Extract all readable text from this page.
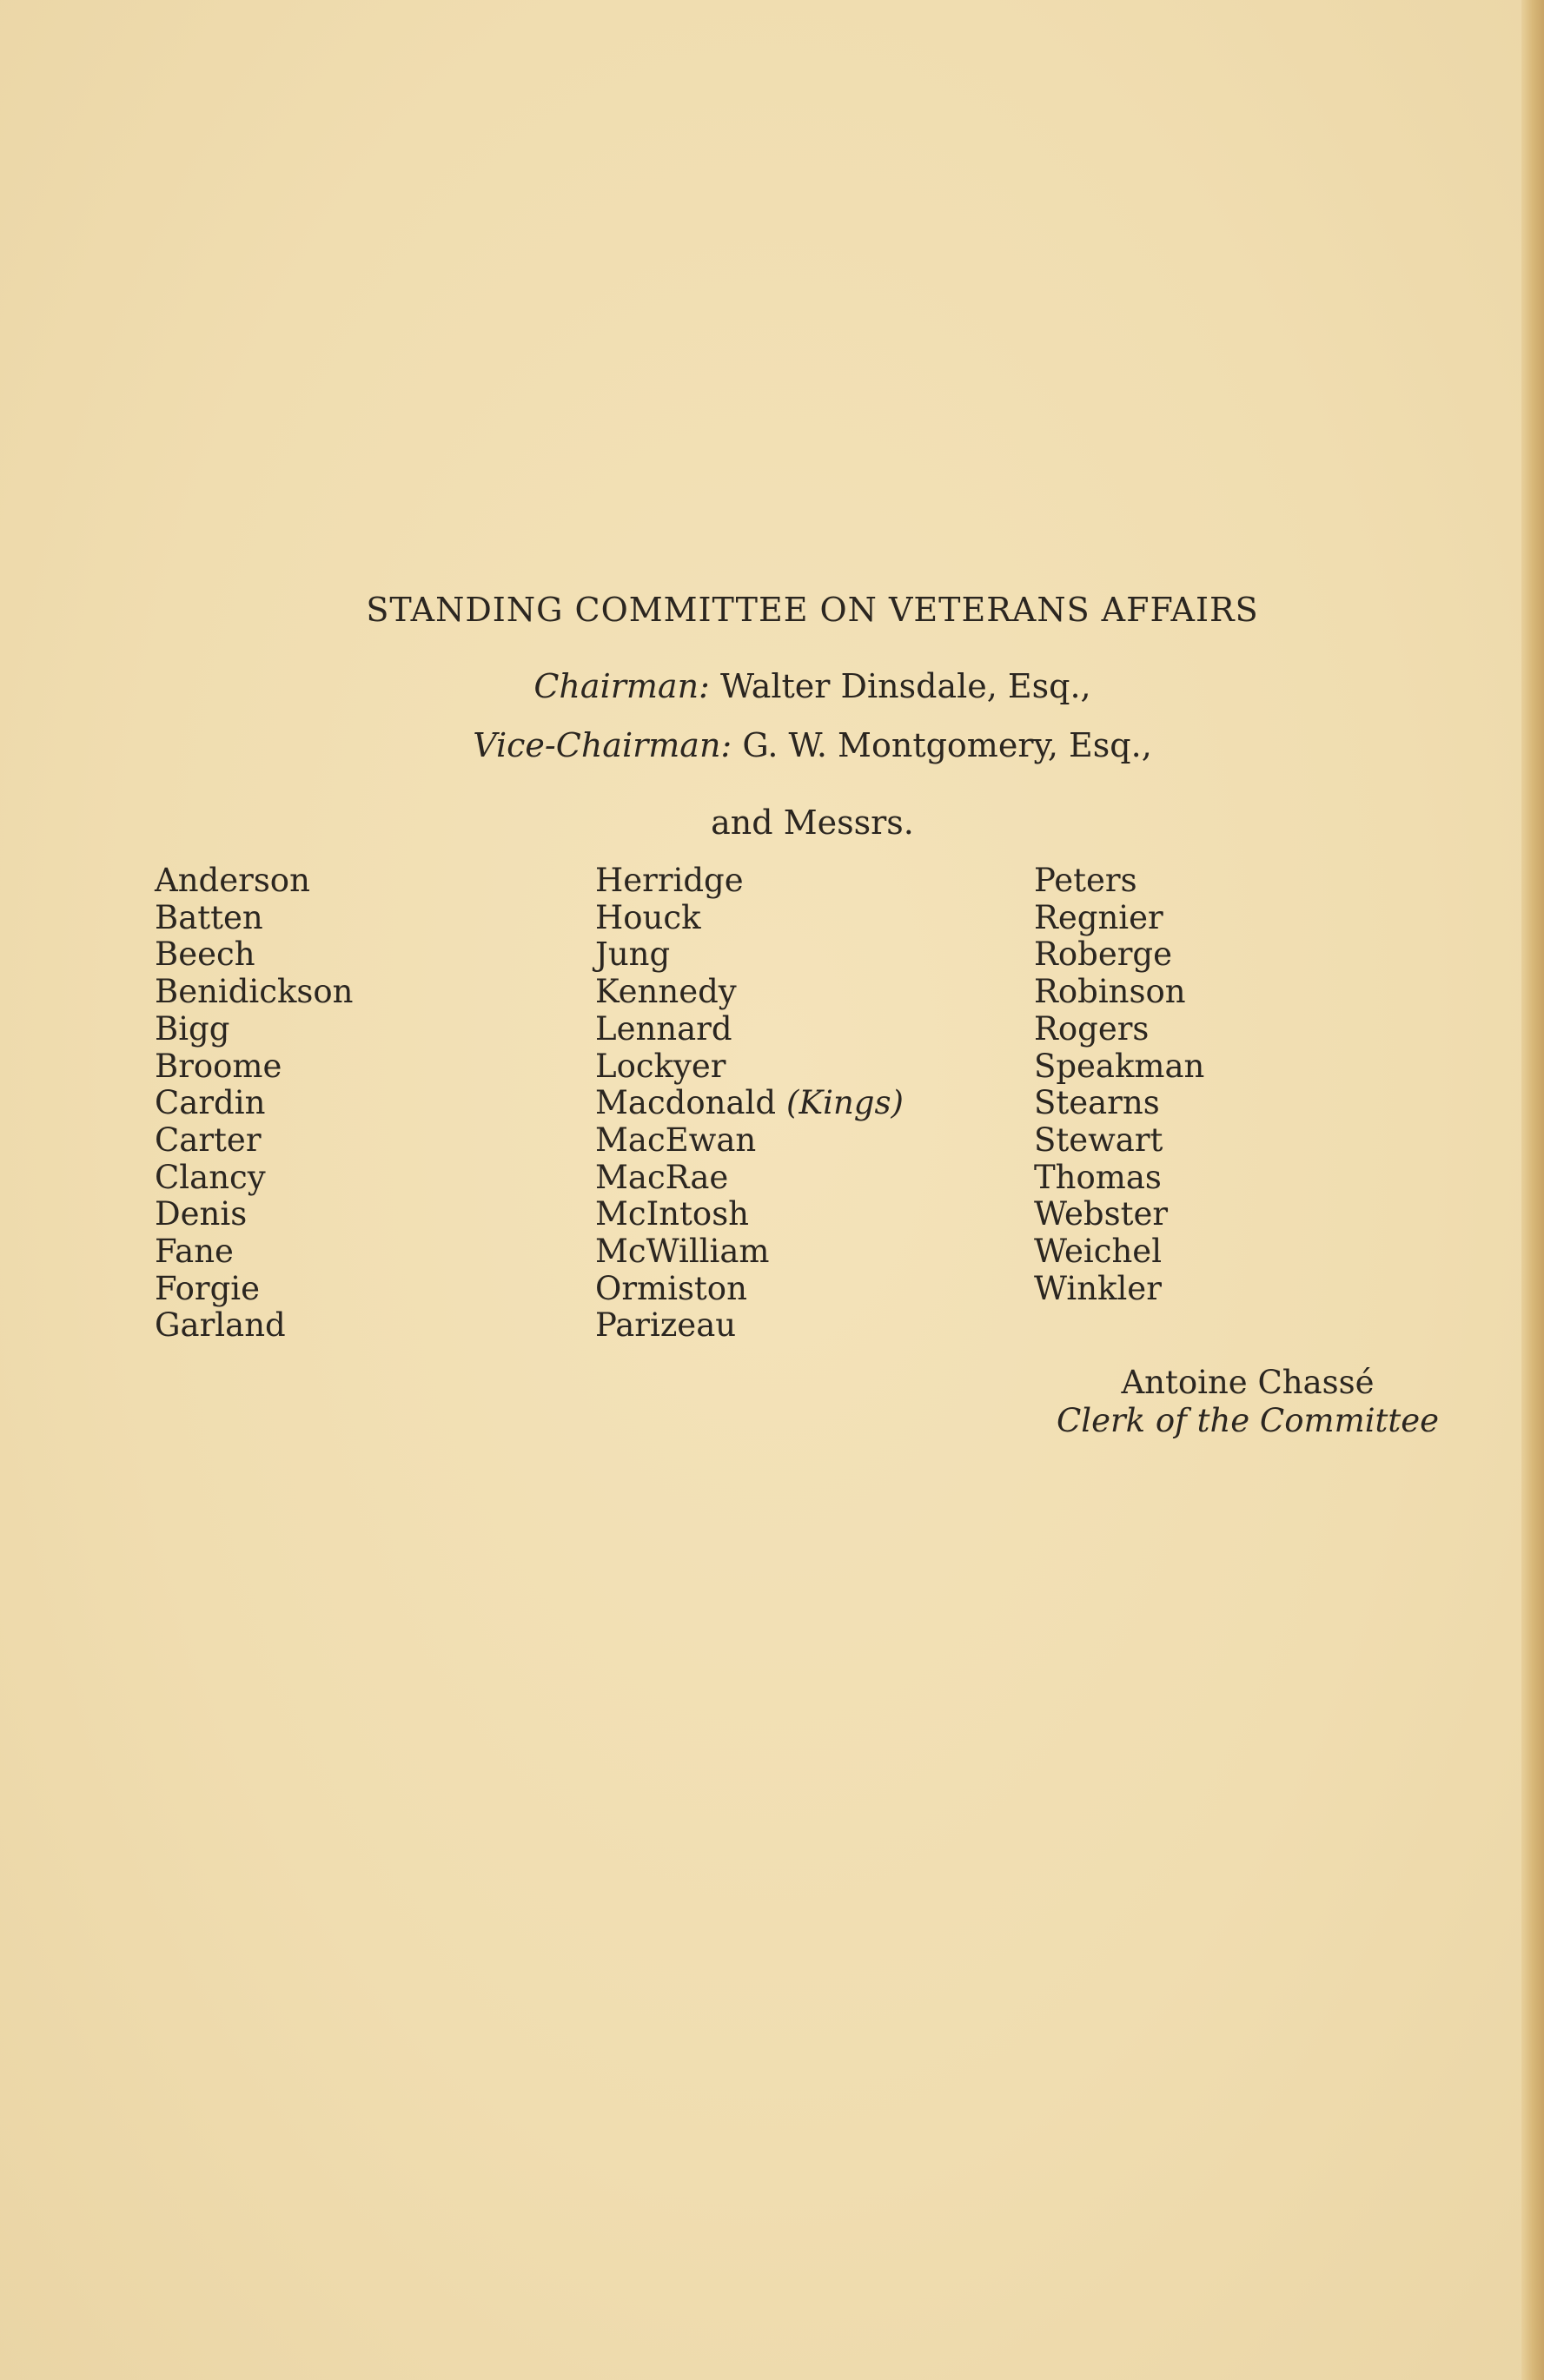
STANDING COMMITTEE ON VETERANS AFFAIRS
Chairman: Walter Dinsdale, Esq.,
Vice-Chairman: G. W. Montgomery, Esq.,
and Messrs.
Anderson
Batten
Beech
Benidickson
Bigg
Broome
Cardin
Carter
Clancy
Denis
Fane
Forgie
Garland
Herridge
Houck
Jung
Kennedy
Lennard
Lockyer
Macdonald (Kings)
MacEwan
MacRae
McIntosh
McWilliam
Ormiston
Parizeau
Peters
Regnier
Roberge
Robinson
Rogers
Speakman
Stearns
Stewart
Thomas
Webster
Weichel
Winkler
Antoine Chassé
Clerk of the Committee
